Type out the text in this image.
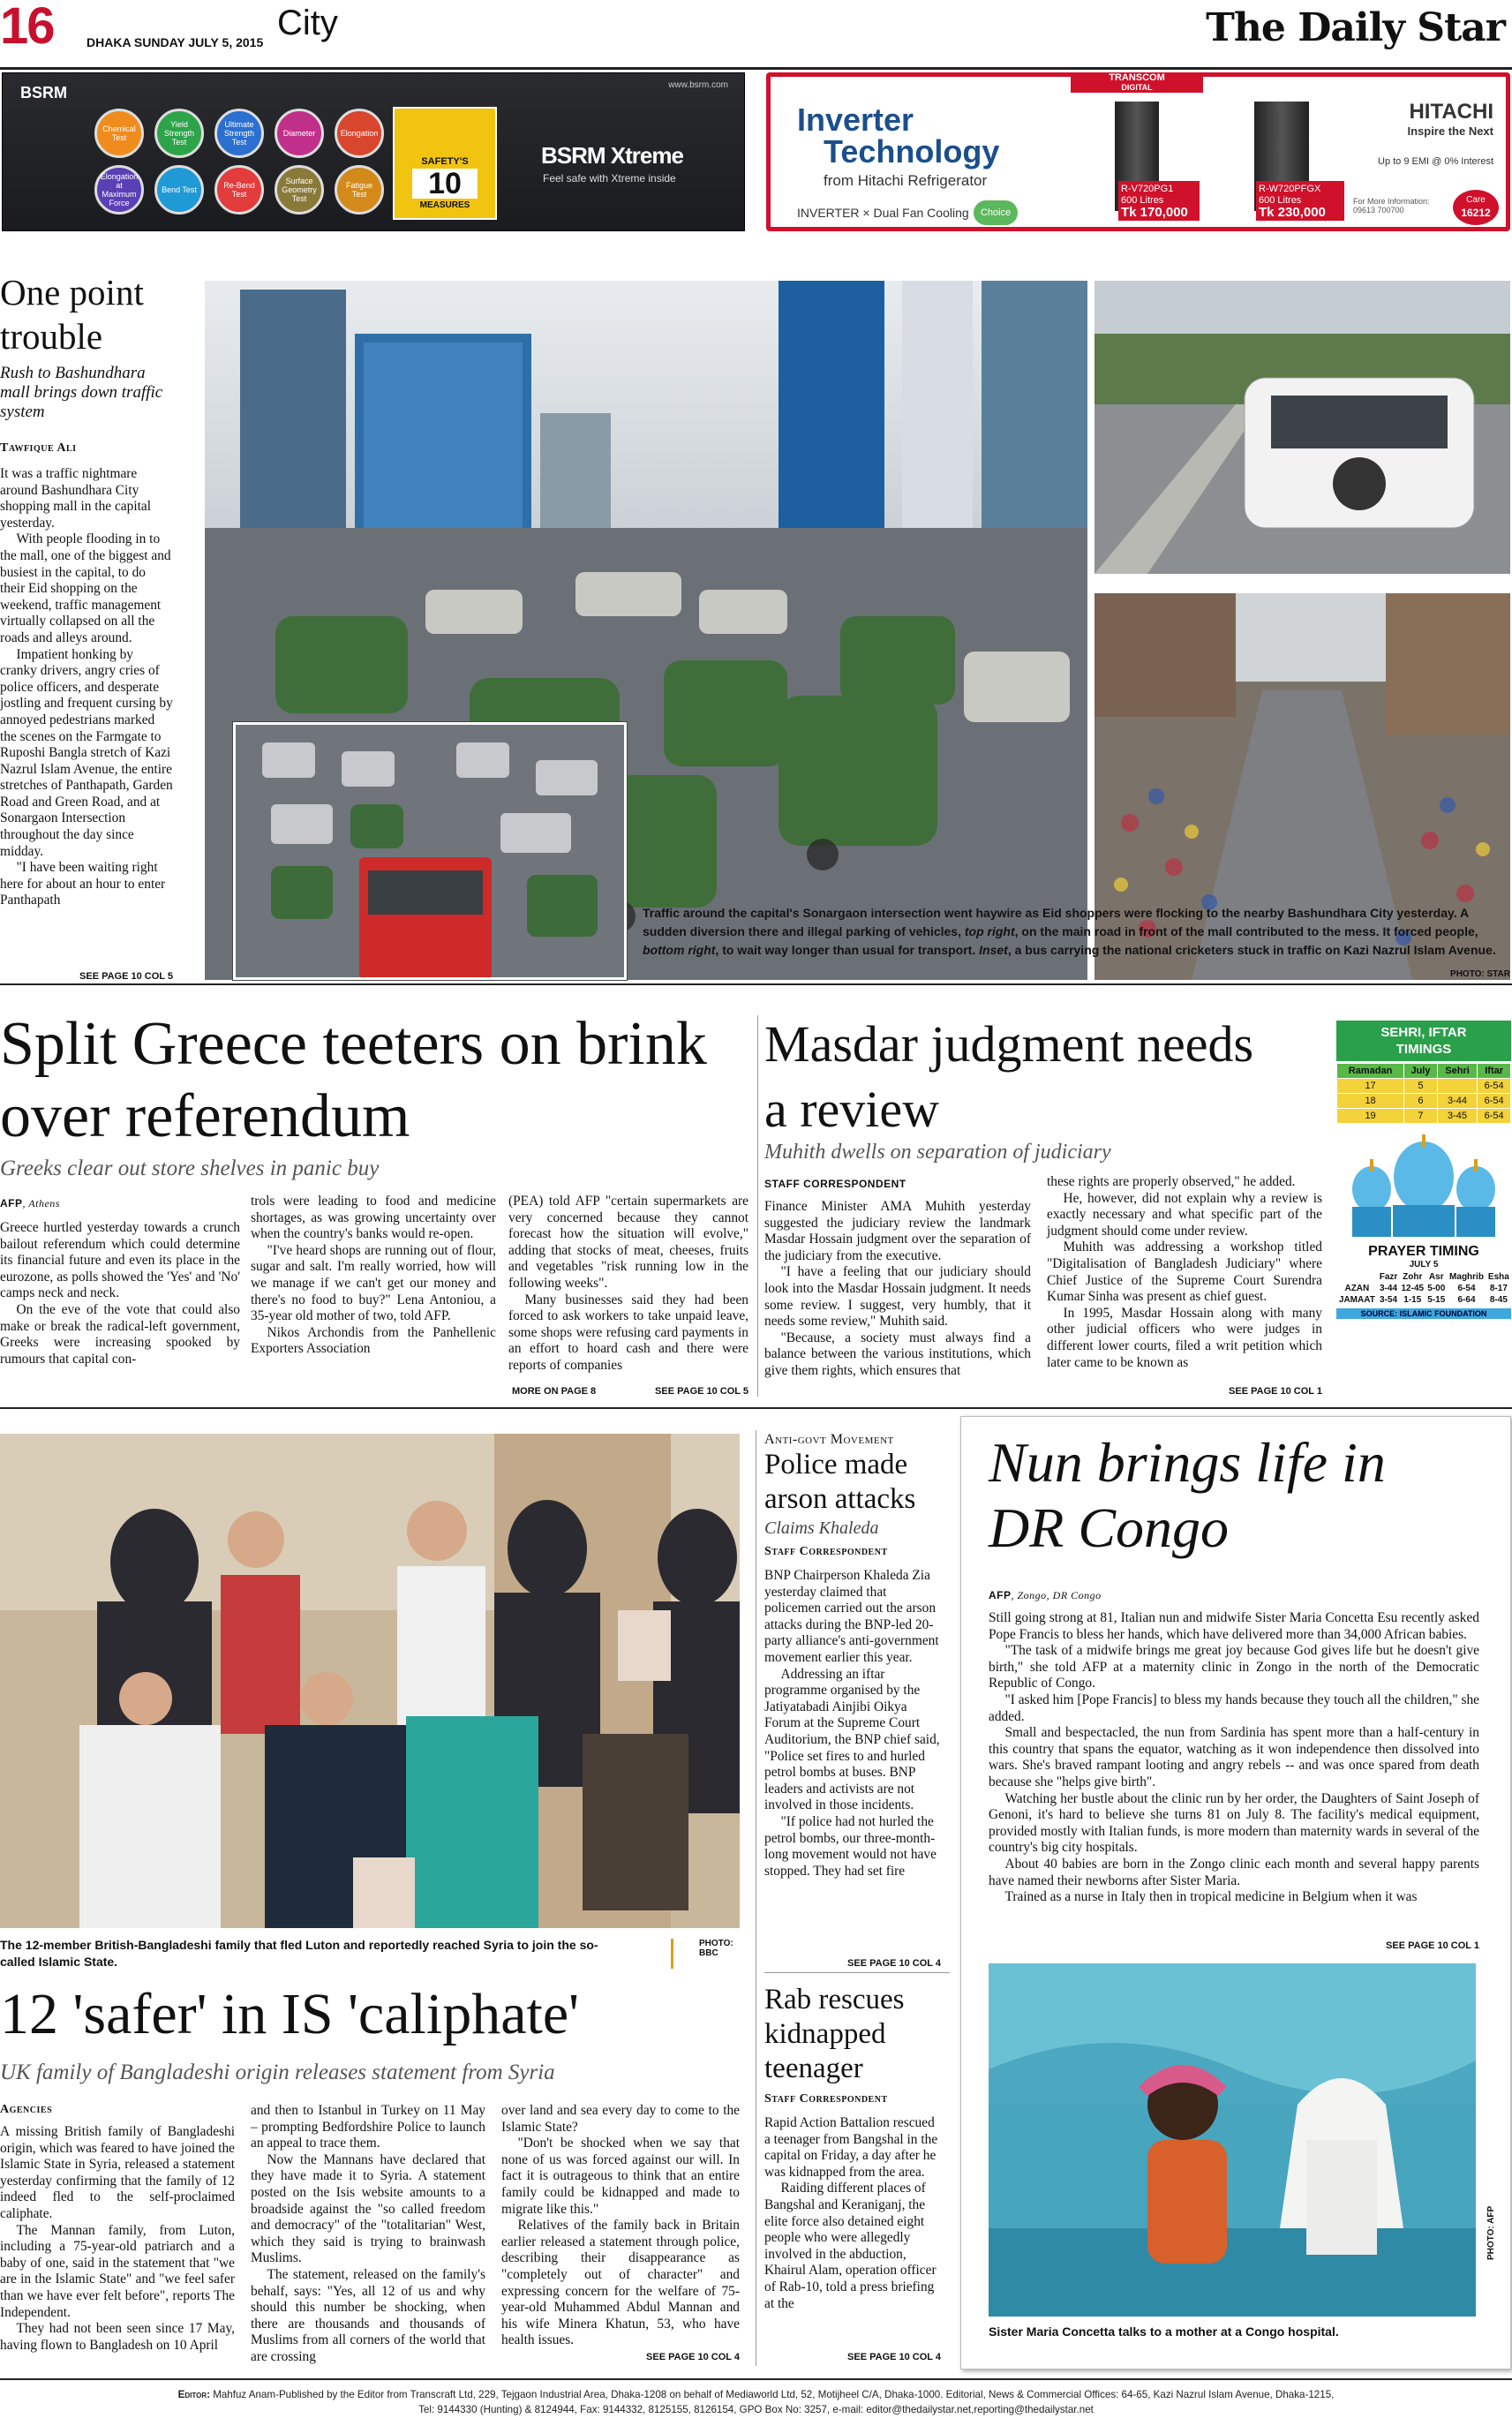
16	DHAKA SUNDAY JULY 5, 2015 City	The Daily Star
BSRM	www.bsrm.com
Chemical Test
Yield Strength Test
Ultimate Strength Test
Diameter	Elongation
Elongation at Maximum Force
Bend Test	Re-Bend Test
Surface Geometry Test
Fatigue Test
SAFETY'S
10
MEASURES
BSRM Xtreme
Feel safe with Xtreme inside
TRANSCOM
DIGITAL
Inverter
Technology
from Hitachi Refrigerator
INVERTER × Dual Fan Cooling	Choice
R-V720PG1
600 Litres
Tk 170,000
R-W720PFGX
600 Litres
Tk 230,000
HITACHI
Inspire the Next
Up to 9 EMI @ 0% Interest
For More Information: 09613 700700
Care
16212
One point trouble
Rush to Bashundhara mall brings down traffic system
Tawfique Ali

It was a traffic nightmare around Bashundhara City shopping mall in the capital yesterday.

With people flooding in to the mall, one of the biggest and busiest in the capital, to do their Eid shopping on the weekend, traffic management virtually collapsed on all the roads and alleys around.

Impatient honking by cranky drivers, angry cries of police officers, and desperate jostling and frequent cursing by annoyed pedestrians marked the scenes on the Farmgate to Ruposhi Bangla stretch of Kazi Nazrul Islam Avenue, the entire stretches of Panthapath, Garden Road and Green Road, and at Sonargaon Intersection throughout the day since midday.

"I have been waiting right here for about an hour to enter Panthapath

SEE PAGE 10 COL 5
Traffic around the capital's Sonargaon intersection went haywire as Eid shoppers were flocking to the nearby Bashundhara City yesterday. A sudden diversion there and illegal parking of vehicles, top right, on the main road in front of the mall contributed to the mess. It forced people, bottom right, to wait way longer than usual for transport. Inset, a bus carrying the national cricketers stuck in traffic on Kazi Nazrul Islam Avenue.
PHOTO: STAR
Split Greece teeters on brink over referendum
Greeks clear out store shelves in panic buy
AFP, Athens

Greece hurtled yesterday towards a crunch bailout referendum which could determine its financial future and even its place in the eurozone, as polls showed the 'Yes' and 'No' camps neck and neck.

On the eve of the vote that could also make or break the radical-left government, Greeks were increasing spooked by rumours that capital con-

trols were leading to food and medicine shortages, as was growing uncertainty over when the country's banks would re-open.

"I've heard shops are running out of flour, sugar and salt. I'm really worried, how will we manage if we can't get our money and there's no food to buy?" Lena Antoniou, a 35-year old mother of two, told AFP.

Nikos Archondis from the Panhellenic Exporters Association

(PEA) told AFP "certain supermarkets are very concerned because they cannot forecast how the situation will evolve," adding that stocks of meat, cheeses, fruits and vegetables "risk running low in the following weeks".

Many businesses said they had been forced to ask workers to take unpaid leave, some shops were refusing card payments in an effort to hoard cash and there were reports of companies

MORE ON PAGE 8	SEE PAGE 10 COL 5
Masdar judgment needs a review
Muhith dwells on separation of judiciary
STAFF CORRESPONDENT

Finance Minister AMA Muhith yesterday suggested the judiciary review the landmark Masdar Hossain judgment over the separation of the judiciary from the executive.

"I have a feeling that our judiciary should look into the Masdar Hossain judgment. It needs some review. I suggest, very humbly, that it needs some review," Muhith said.

"Because, a society must always find a balance between the various institutions, which give them rights, which ensures that

these rights are properly observed," he added.

He, however, did not explain why a review is exactly necessary and what specific part of the judgment should come under review.

Muhith was addressing a workshop titled "Digitalisation of Bangladesh Judiciary" where Chief Justice of the Supreme Court Surendra Kumar Sinha was present as chief guest.

In 1995, Masdar Hossain along with many other judicial officers who were judges in different lower courts, filed a writ petition which later came to be known as

SEE PAGE 10 COL 1
SEHRI, IFTAR TIMINGS
Ramadan	July	Sehri	Iftar
17	5		6-54
18	6	3-44	6-54
19	7	3-45	6-54
PRAYER TIMING
JULY 5
	Fazr	Zohr	Asr	Maghrib	Esha
AZAN	3-44	12-45	5-00	6-54	8-17
JAMAAT	3-54	1-15	5-15	6-64	8-45
SOURCE: ISLAMIC FOUNDATION
The 12-member British-Bangladeshi family that fled Luton and reportedly reached Syria to join the so-called Islamic State.
PHOTO: BBC
12 'safer' in IS 'caliphate'
UK family of Bangladeshi origin releases statement from Syria
Agencies

A missing British family of Bangladeshi origin, which was feared to have joined the Islamic State in Syria, released a statement yesterday confirming that the family of 12 indeed fled to the self-proclaimed caliphate.

The Mannan family, from Luton, including a 75-year-old patriarch and a baby of one, said in the statement that "we are in the Islamic State" and "we feel safer than we have ever felt before", reports The Independent.

They had not been seen since 17 May, having flown to Bangladesh on 10 April

and then to Istanbul in Turkey on 11 May – prompting Bedfordshire Police to launch an appeal to trace them.

Now the Mannans have declared that they have made it to Syria. A statement posted on the Isis website amounts to a broadside against the "so called freedom and democracy" of the "totalitarian" West, which they said is trying to brainwash Muslims.

The statement, released on the family's behalf, says: "Yes, all 12 of us and why should this number be shocking, when there are thousands and thousands of Muslims from all corners of the world that are crossing

over land and sea every day to come to the Islamic State?

"Don't be shocked when we say that none of us was forced against our will. In fact it is outrageous to think that an entire family could be kidnapped and made to migrate like this."

Relatives of the family back in Britain earlier released a statement through police, describing their disappearance as "completely out of character" and expressing concern for the welfare of 75-year-old Muhammed Abdul Mannan and his wife Minera Khatun, 53, who have health issues.

SEE PAGE 10 COL 4
Anti-govt Movement
Police made arson attacks
Claims Khaleda
Staff Correspondent

BNP Chairperson Khaleda Zia yesterday claimed that policemen carried out the arson attacks during the BNP-led 20-party alliance's anti-government movement earlier this year.

Addressing an iftar programme organised by the Jatiyatabadi Ainjibi Oikya Forum at the Supreme Court Auditorium, the BNP chief said, "Police set fires to and hurled petrol bombs at buses. BNP leaders and activists are not involved in those incidents.

"If police had not hurled the petrol bombs, our three-month-long movement would not have stopped. They had set fire

SEE PAGE 10 COL 4
Rab rescues kidnapped teenager
Staff Correspondent

Rapid Action Battalion rescued a teenager from Bangshal in the capital on Friday, a day after he was kidnapped from the area.

Raiding different places of Bangshal and Keraniganj, the elite force also detained eight people who were allegedly involved in the abduction, Khairul Alam, operation officer of Rab-10, told a press briefing at the

SEE PAGE 10 COL 4
Nun brings life in DR Congo
AFP, Zongo, DR Congo

Still going strong at 81, Italian nun and midwife Sister Maria Concetta Esu recently asked Pope Francis to bless her hands, which have delivered more than 34,000 African babies.

"The task of a midwife brings me great joy because God gives life but he doesn't give birth," she told AFP at a maternity clinic in Zongo in the north of the Democratic Republic of Congo.

"I asked him [Pope Francis] to bless my hands because they touch all the children," she added.

Small and bespectacled, the nun from Sardinia has spent more than a half-century in this country that spans the equator, watching as it won independence then dissolved into wars. She's braved rampant looting and angry rebels -- and was once spared from death because she "helps give birth".

Watching her bustle about the clinic run by her order, the Daughters of Saint Joseph of Genoni, it's hard to believe she turns 81 on July 8. The facility's medical equipment, provided mostly with Italian funds, is more modern than maternity wards in several of the country's big city hospitals.

About 40 babies are born in the Zongo clinic each month and several happy parents have named their newborns after Sister Maria.

Trained as a nurse in Italy then in tropical medicine in Belgium when it was

SEE PAGE 10 COL 1
Sister Maria Concetta talks to a mother at a Congo hospital.
PHOTO: AFP
Editor: Mahfuz Anam-Published by the Editor from Transcraft Ltd, 229, Tejgaon Industrial Area, Dhaka-1208 on behalf of Mediaworld Ltd, 52, Motijheel C/A, Dhaka-1000. Editorial, News & Commercial Offices: 64-65, Kazi Nazrul Islam Avenue, Dhaka-1215,
Tel: 9144330 (Hunting) & 8124944, Fax: 9144332, 8125155, 8126154, GPO Box No: 3257, e-mail: editor@thedailystar.net,reporting@thedailystar.net
